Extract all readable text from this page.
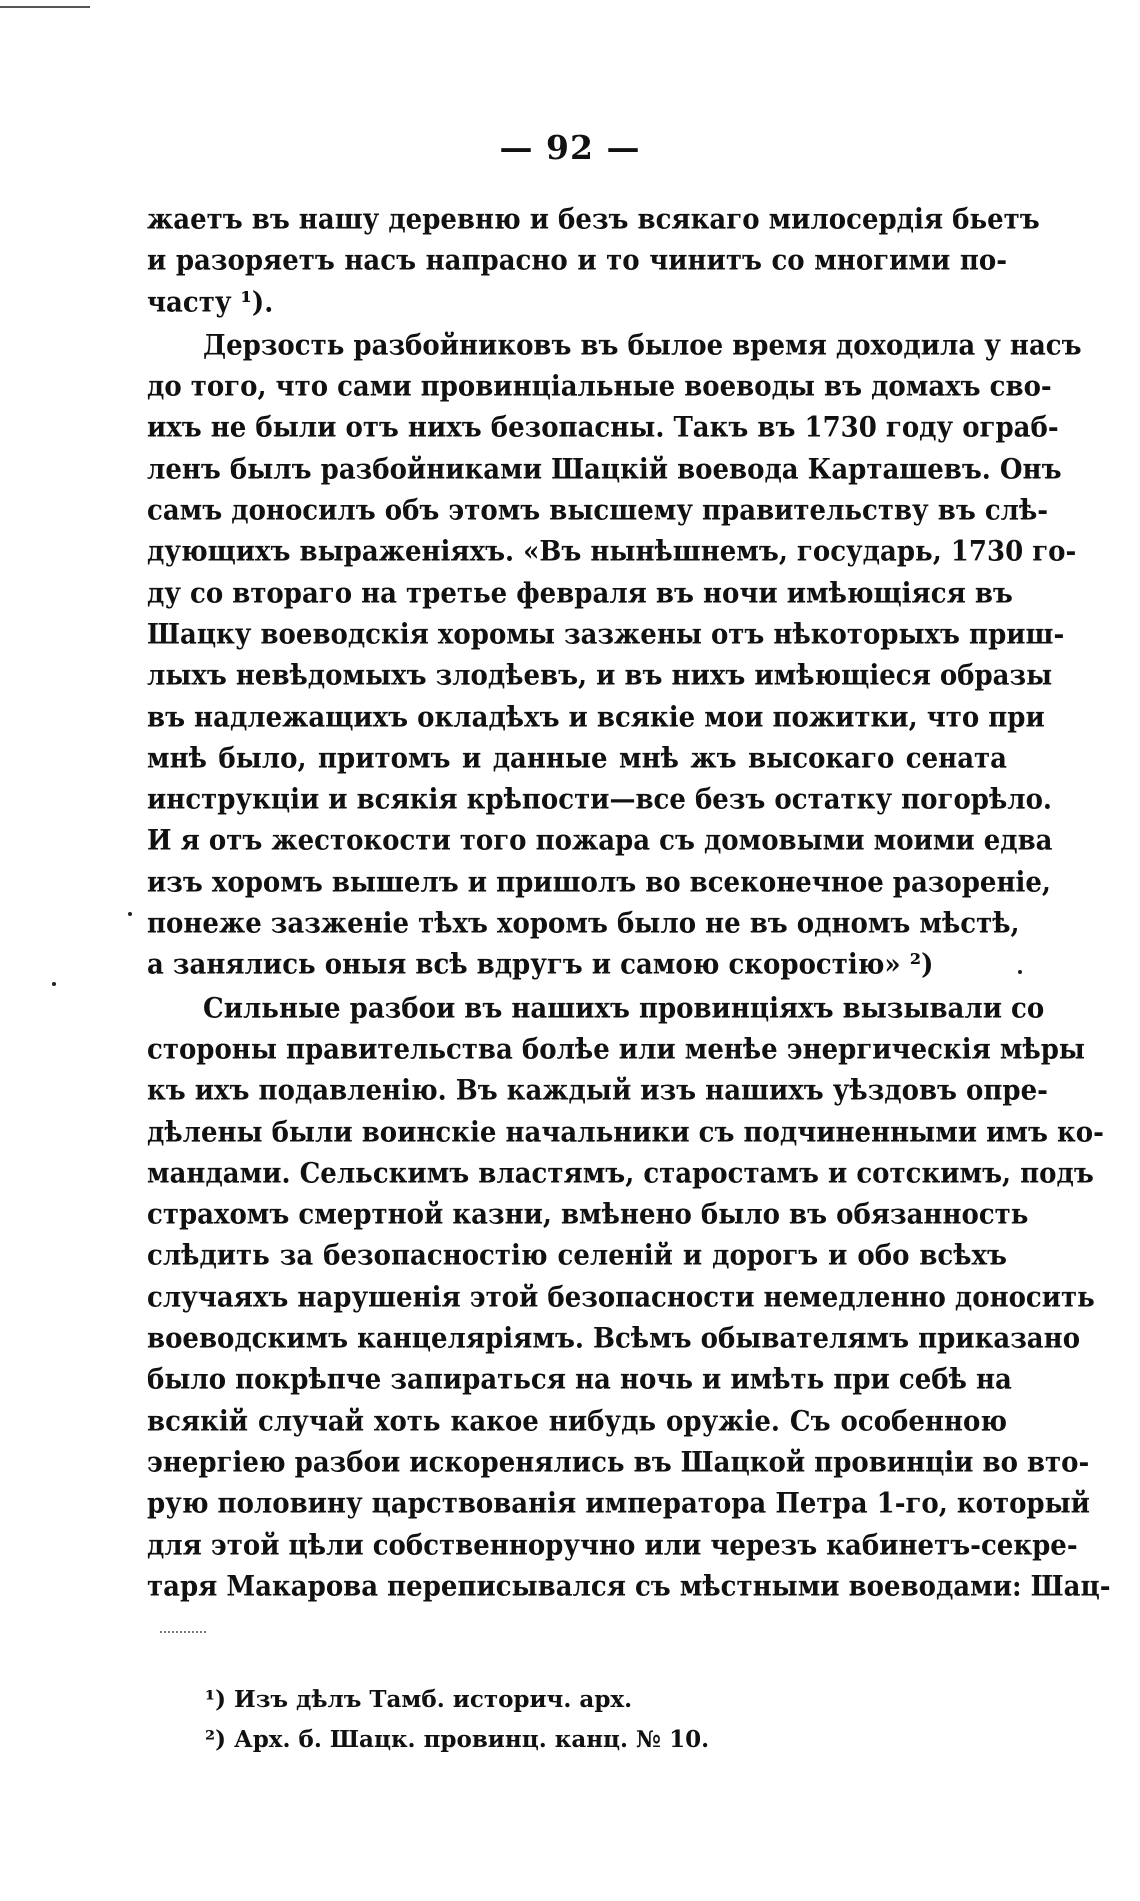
— 92 —
жаетъ въ нашу деревню и безъ всякаго милосердія бьетъ
и разоряетъ насъ напрасно и то чинитъ со многими по-
часту ¹).
Дерзость разбойниковъ въ былое время доходила у насъ
до того, что сами провинціальные воеводы въ домахъ сво-
ихъ не были отъ нихъ безопасны. Такъ въ 1730 году ограб-
ленъ былъ разбойниками Шацкій воевода Карташевъ. Онъ
самъ доносилъ объ этомъ высшему правительству въ слѣ-
дующихъ выраженіяхъ. «Въ нынѣшнемъ, государь, 1730 го-
ду со втораго на третье февраля въ ночи имѣющіяся въ
Шацку воеводскія хоромы зазжены отъ нѣкоторыхъ приш-
лыхъ невѣдомыхъ злодѣевъ, и въ нихъ имѣющіеся образы
въ надлежащихъ окладѣхъ и всякіе мои пожитки, что при
мнѣ было, притомъ и данные мнѣ жъ высокаго сената
инструкціи и всякія крѣпости—все безъ остатку погорѣло.
И я отъ жестокости того пожара съ домовыми моими едва
изъ хоромъ вышелъ и пришолъ во всеконечное разореніе,
понеже зазженіе тѣхъ хоромъ было не въ одномъ мѣстѣ,
а занялись оныя всѣ вдругъ и самою скоростію» ²)
Сильные разбои въ нашихъ провинціяхъ вызывали со
стороны правительства болѣе или менѣе энергическія мѣры
къ ихъ подавленію. Въ каждый изъ нашихъ уѣздовъ опре-
дѣлены были воинскіе начальники съ подчиненными имъ ко-
мандами. Сельскимъ властямъ, старостамъ и сотскимъ, подъ
страхомъ смертной казни, вмѣнено было въ обязанность
слѣдить за безопасностію селеній и дорогъ и обо всѣхъ
случаяхъ нарушенія этой безопасности немедленно доносить
воеводскимъ канцеляріямъ. Всѣмъ обывателямъ приказано
было покрѣпче запираться на ночь и имѣть при себѣ на
всякій случай хоть какое нибудь оружіе. Съ особенною
энергіею разбои искоренялись въ Шацкой провинціи во вто-
рую половину царствованія императора Петра 1-го, который
для этой цѣли собственноручно или черезъ кабинетъ-секре-
таря Макарова переписывался съ мѣстными воеводами: Шац-
¹) Изъ дѣлъ Тамб. историч. арх.
²) Арх. б. Шацк. провинц. канц. № 10.
